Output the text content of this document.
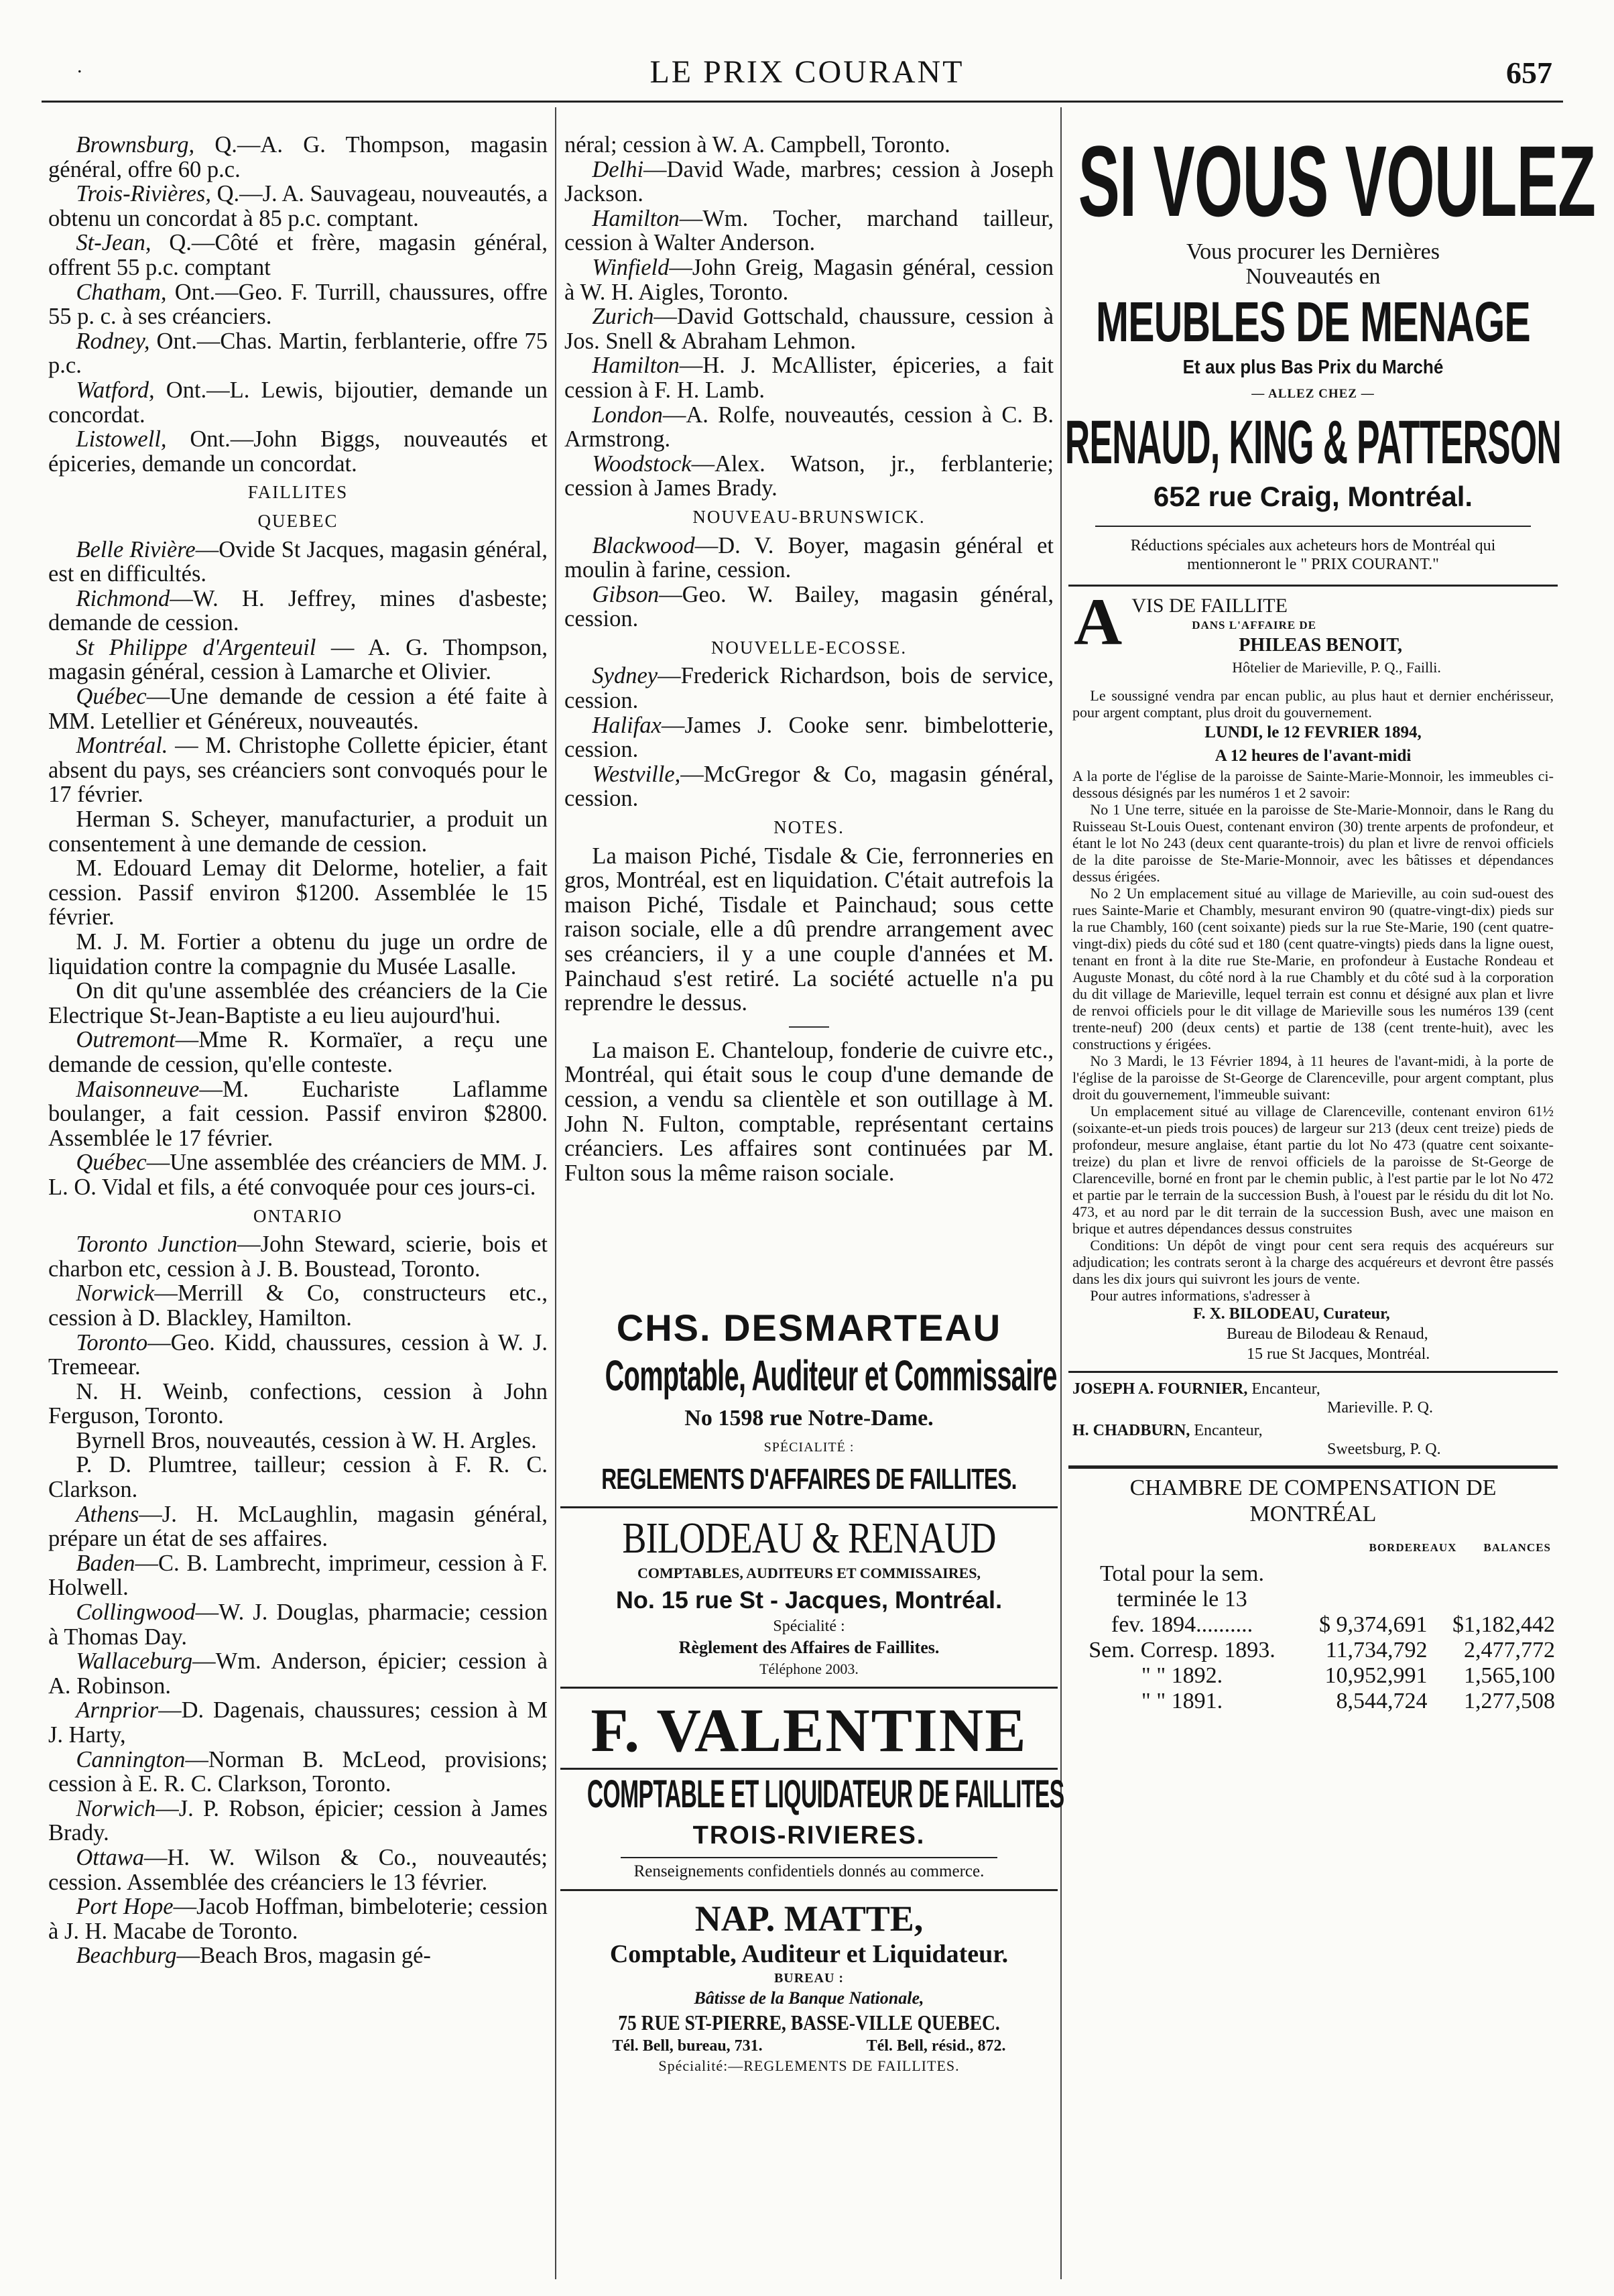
.	LE PRIX COURANT	657

Brownsburg, Q.—A. G. Thompson, magasin général, offre 60 p.c.

Trois-Rivières, Q.—J. A. Sauvageau, nouveautés, a obtenu un concordat à 85 p.c. comptant.

St-Jean, Q.—Côté et frère, magasin général, offrent 55 p.c. comptant

Chatham, Ont.—Geo. F. Turrill, chaussures, offre 55 p. c. à ses créanciers.

Rodney, Ont.—Chas. Martin, ferblanterie, offre 75 p.c.

Watford, Ont.—L. Lewis, bijoutier, demande un concordat.

Listowell, Ont.—John Biggs, nouveautés et épiceries, demande un concordat.

FAILLITES
QUEBEC

Belle Rivière—Ovide St Jacques, magasin général, est en difficultés.

Richmond—W. H. Jeffrey, mines d'asbeste; demande de cession.

St Philippe d'Argenteuil — A. G. Thompson, magasin général, cession à Lamarche et Olivier.

Québec—Une demande de cession a été faite à MM. Letellier et Généreux, nouveautés.

Montréal. — M. Christophe Collette épicier, étant absent du pays, ses créanciers sont convoqués pour le 17 février.

Herman S. Scheyer, manufacturier, a produit un consentement à une demande de cession.

M. Edouard Lemay dit Delorme, hotelier, a fait cession. Passif environ $1200. Assemblée le 15 février.

M. J. M. Fortier a obtenu du juge un ordre de liquidation contre la compagnie du Musée Lasalle.

On dit qu'une assemblée des créanciers de la Cie Electrique St-Jean-Baptiste a eu lieu aujourd'hui.

Outremont—Mme R. Kormaïer, a reçu une demande de cession, qu'elle conteste.

Maisonneuve—M. Euchariste Laflamme boulanger, a fait cession. Passif environ $2800. Assemblée le 17 février.

Québec—Une assemblée des créanciers de MM. J. L. O. Vidal et fils, a été convoquée pour ces jours-ci.

ONTARIO

Toronto Junction—John Steward, scierie, bois et charbon etc, cession à J. B. Boustead, Toronto.

Norwick—Merrill & Co, constructeurs etc., cession à D. Blackley, Hamilton.

Toronto—Geo. Kidd, chaussures, cession à W. J. Tremeear.

N. H. Weinb, confections, cession à John Ferguson, Toronto.

Byrnell Bros, nouveautés, cession à W. H. Argles.

P. D. Plumtree, tailleur; cession à F. R. C. Clarkson.

Athens—J. H. McLaughlin, magasin général, prépare un état de ses affaires.

Baden—C. B. Lambrecht, imprimeur, cession à F. Holwell.

Collingwood—W. J. Douglas, pharmacie; cession à Thomas Day.

Wallaceburg—Wm. Anderson, épicier; cession à A. Robinson.

Arnprior—D. Dagenais, chaussures; cession à M J. Harty,

Cannington—Norman B. McLeod, provisions; cession à E. R. C. Clarkson, Toronto.

Norwich—J. P. Robson, épicier; cession à James Brady.

Ottawa—H. W. Wilson & Co., nouveautés; cession. Assemblée des créanciers le 13 février.

Port Hope—Jacob Hoffman, bimbeloterie; cession à J. H. Macabe de Toronto.

Beachburg—Beach Bros, magasin gé-

néral; cession à W. A. Campbell, Toronto.

Delhi—David Wade, marbres; cession à Joseph Jackson.

Hamilton—Wm. Tocher, marchand tailleur, cession à Walter Anderson.

Winfield—John Greig, Magasin général, cession à W. H. Aigles, Toronto.

Zurich—David Gottschald, chaussure, cession à Jos. Snell & Abraham Lehmon.

Hamilton—H. J. McAllister, épiceries, a fait cession à F. H. Lamb.

London—A. Rolfe, nouveautés, cession à C. B. Armstrong.

Woodstock—Alex. Watson, jr., ferblanterie; cession à James Brady.

NOUVEAU-BRUNSWICK.

Blackwood—D. V. Boyer, magasin général et moulin à farine, cession.

Gibson—Geo. W. Bailey, magasin général, cession.

NOUVELLE-ECOSSE.

Sydney—Frederick Richardson, bois de service, cession.

Halifax—James J. Cooke senr. bimbelotterie, cession.

Westville,—McGregor & Co, magasin général, cession.

NOTES.

La maison Piché, Tisdale & Cie, ferronneries en gros, Montréal, est en liquidation. C'était autrefois la maison Piché, Tisdale et Painchaud; sous cette raison sociale, elle a dû prendre arrangement avec ses créanciers, il y a une couple d'années et M. Painchaud s'est retiré. La société actuelle n'a pu reprendre le dessus.

La maison E. Chanteloup, fonderie de cuivre etc., Montréal, qui était sous le coup d'une demande de cession, a vendu sa clientèle et son outillage à M. John N. Fulton, comptable, représentant certains créanciers. Les affaires sont continuées par M. Fulton sous la même raison sociale.

CHS. DESMARTEAU
Comptable, Auditeur et Commissaire
No 1598 rue Notre-Dame.
SPÉCIALITÉ :
REGLEMENTS D'AFFAIRES DE FAILLITES.
BILODEAU & RENAUD
COMPTABLES, AUDITEURS ET COMMISSAIRES,
No. 15 rue St - Jacques, Montréal.
Spécialité :
Règlement des Affaires de Faillites.
Téléphone 2003.
F. VALENTINE
COMPTABLE ET LIQUIDATEUR DE FAILLITES
TROIS-RIVIERES.
Renseignements confidentiels donnés au commerce.
NAP. MATTE,
Comptable, Auditeur et Liquidateur.
BUREAU :
Bâtisse de la Banque Nationale,
75 RUE ST-PIERRE, BASSE-VILLE QUEBEC.
Tél. Bell, bureau, 731.	Tél. Bell, résid., 872.
Spécialité:—REGLEMENTS DE FAILLITES.
SI VOUS VOULEZ
Vous procurer les Dernières
Nouveautés en
MEUBLES DE MENAGE
Et aux plus Bas Prix du Marché
— ALLEZ CHEZ —
RENAUD, KING & PATTERSON
652 rue Craig, Montréal.
Réductions spéciales aux acheteurs hors de Montréal qui mentionneront le " PRIX COURANT."
A VIS DE FAILLITE
DANS L'AFFAIRE DE
PHILEAS BENOIT,
Hôtelier de Marieville, P. Q., Failli.

Le soussigné vendra par encan public, au plus haut et dernier enchérisseur, pour argent comptant, plus droit du gouvernement.

LUNDI, le 12 FEVRIER 1894,

A 12 heures de l'avant-midi

A la porte de l'église de la paroisse de Sainte-Marie-Monnoir, les immeubles ci-dessous désignés par les numéros 1 et 2 savoir:

No 1 Une terre, située en la paroisse de Ste-Marie-Monnoir, dans le Rang du Ruisseau St-Louis Ouest, contenant environ (30) trente arpents de profondeur, et étant le lot No 243 (deux cent quarante-trois) du plan et livre de renvoi officiels de la dite paroisse de Ste-Marie-Monnoir, avec les bâtisses et dépendances dessus érigées.

No 2 Un emplacement situé au village de Marieville, au coin sud-ouest des rues Sainte-Marie et Chambly, mesurant environ 90 (quatre-vingt-dix) pieds sur la rue Chambly, 160 (cent soixante) pieds sur la rue Ste-Marie, 190 (cent quatre-vingt-dix) pieds du côté sud et 180 (cent quatre-vingts) pieds dans la ligne ouest, tenant en front à la dite rue Ste-Marie, en profondeur à Eustache Rondeau et Auguste Monast, du côté nord à la rue Chambly et du côté sud à la corporation du dit village de Marieville, lequel terrain est connu et désigné aux plan et livre de renvoi officiels pour le dit village de Marieville sous les numéros 139 (cent trente-neuf) 200 (deux cents) et partie de 138 (cent trente-huit), avec les constructions y érigées.

No 3 Mardi, le 13 Février 1894, à 11 heures de l'avant-midi, à la porte de l'église de la paroisse de St-George de Clarenceville, pour argent comptant, plus droit du gouvernement, l'immeuble suivant:

Un emplacement situé au village de Clarenceville, contenant environ 61½ (soixante-et-un pieds trois pouces) de largeur sur 213 (deux cent treize) pieds de profondeur, mesure anglaise, étant partie du lot No 473 (quatre cent soixante-treize) du plan et livre de renvoi officiels de la paroisse de St-George de Clarenceville, borné en front par le chemin public, à l'est partie par le lot No 472 et partie par le terrain de la succession Bush, à l'ouest par le résidu du dit lot No. 473, et au nord par le dit terrain de la succession Bush, avec une maison en brique et autres dépendances dessus construites

Conditions: Un dépôt de vingt pour cent sera requis des acquéreurs sur adjudication; les contrats seront à la charge des acquéreurs et devront être passés dans les dix jours qui suivront les jours de vente.

Pour autres informations, s'adresser à

F. X. BILODEAU, Curateur,

Bureau de Bilodeau & Renaud,

15 rue St Jacques, Montréal.

JOSEPH A. FOURNIER, Encanteur,
Marieville. P. Q.
H. CHADBURN, Encanteur,
Sweetsburg, P. Q.
CHAMBRE DE COMPENSATION DE
MONTRÉAL
BORDEREAUX BALANCES
Total pour la sem.		
terminée le 13		
fev. 1894..........	$ 9,374,691	$1,182,442
Sem. Corresp. 1893.	11,734,792	2,477,772
" " 1892.	10,952,991	1,565,100
" " 1891.	8,544,724	1,277,508
